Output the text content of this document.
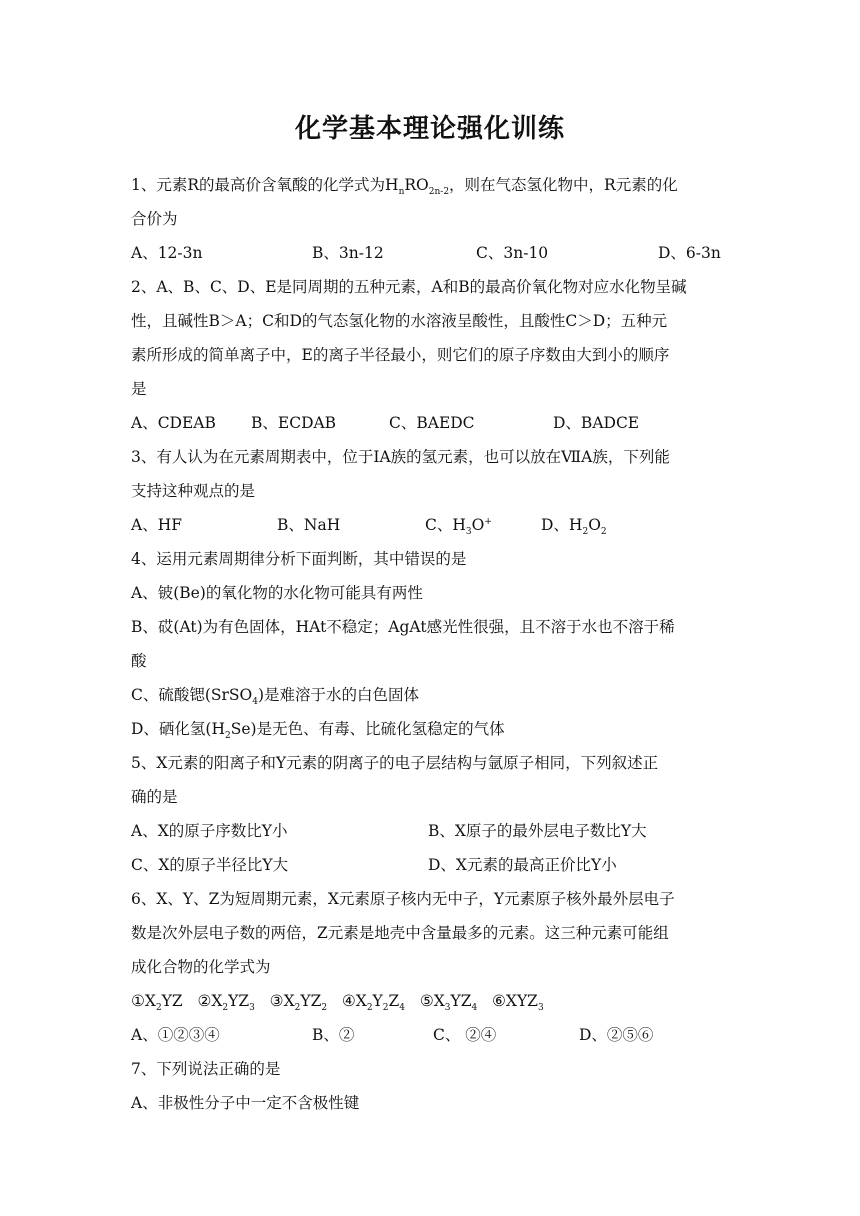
化学基本理论强化训练
1、元素R的最高价含氧酸的化学式为$H_nRO_{2n-2}$，则在气态氢化物中，R元素的化
合价为
A、12-3n	B、3n-12	C、3n-10	D、6-3n
2、A、B、C、D、E是同周期的五种元素，A和B的最高价氧化物对应水化物呈碱
性，且碱性B＞A；C和D的气态氢化物的水溶液呈酸性，且酸性C＞D；五种元
素所形成的简单离子中，E的离子半径最小，则它们的原子序数由大到小的顺序
是
A、CDEAB B、ECDAB	C、BAEDC	D、BADCE
3、有人认为在元素周期表中，位于ⅠA族的氢元素，也可以放在ⅦA族，下列能
支持这种观点的是
A、HF	B、NaH	C、$H_3O^+$	D、$H_2O_2$
4、运用元素周期律分析下面判断，其中错误的是
A、铍(Be)的氧化物的水化物可能具有两性
B、砹(At)为有色固体，HAt不稳定；AgAt感光性很强，且不溶于水也不溶于稀
酸
C、硫酸锶(SrSO$_4$)是难溶于水的白色固体
D、硒化氢$(H_2Se)$是无色、有毒、比硫化氢稳定的气体
5、X元素的阳离子和Y元素的阴离子的电子层结构与氩原子相同，下列叙述正
确的是
A、X的原子序数比Y小	B、X原子的最外层电子数比Y大
C、X的原子半径比Y大	D、X元素的最高正价比Y小
6、X、Y、Z为短周期元素，X元素原子核内无中子，Y元素原子核外最外层电子
数是次外层电子数的两倍，Z元素是地壳中含量最多的元素。这三种元素可能组
成化合物的化学式为
$①X_2YZ$ $②X_2YZ_3$ $③X_2YZ_2$ $④X_2Y_2Z_4$ $⑤X_3YZ_4$ $⑥XYZ_3$
A、①②③④	B、②	C、 ②④	D、②⑤⑥
7、下列说法正确的是
A、非极性分子中一定不含极性键
